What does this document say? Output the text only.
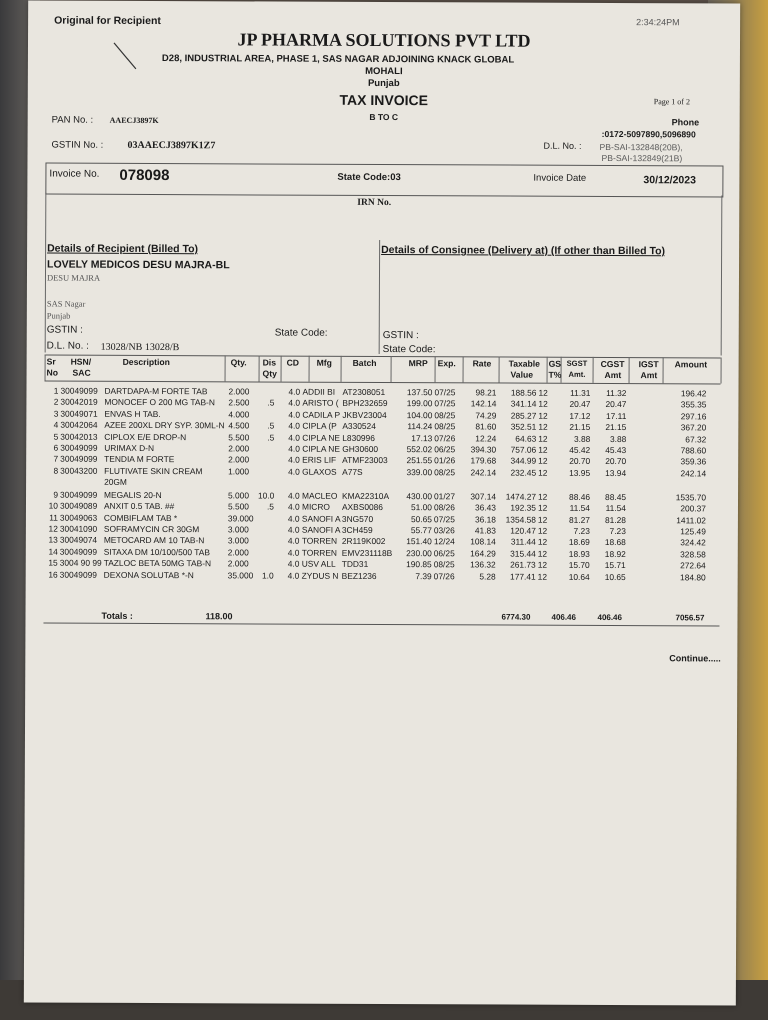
Original for Recipient	2:34:24PM
JP PHARMA SOLUTIONS PVT LTD
D28, INDUSTRIAL AREA, PHASE 1, SAS NAGAR ADJOINING KNACK GLOBAL
MOHALI
Punjab
TAX INVOICE
B TO C
Page 1 of 2
PAN No. : AAECJ3897K	Phone
:0172-5097890,5096890
GSTIN No. : 03AAECJ3897K1Z7	D.L. No. : PB-SAI-132848(20B),
PB-SAI-132849(21B)
Invoice No. 078098	State Code:03	Invoice Date	30/12/2023
IRN No.
Details of Recipient (Billed To)
LOVELY MEDICOS DESU MAJRA-BL
DESU MAJRA
SAS Nagar
Punjab
GSTIN :	State Code:
D.L. No. : 13028/NB 13028/B
Details of Consignee (Delivery at) (If other than Billed To)
GSTIN :
State Code:
Sr HSN/	Description	Qty. Dis CD Mfg Batch	MRP Exp. Rate Taxable GS SGST CGST IGST Amount
No SAC	Qty	Value T% Amt. Amt Amt
1 30049099 DARTDAPA-M FORTE TAB 2.000	4.0 ADDII BI AT2308051	137.50 07/25	98.21	188.56 12	11.31	11.32	196.42
2 30042019 MONOCEF O 200 MG TAB-N 2.500	.5 4.0 ARISTO ( BPH232659	199.00 07/25	142.14	341.14 12	20.47	20.47	355.35
3 30049071 ENVAS H TAB.	4.000	4.0 CADILA P JKBV23004	104.00 08/25	74.29	285.27 12	17.12	17.11	297.16
4 30042064 AZEE 200XL DRY SYP. 30ML-N 4.500	.5 4.0 CIPLA (P A330524	114.24 08/25	81.60	352.51 12	21.15	21.15	367.20
5 30042013 CIPLOX E/E DROP-N	5.500	.5 4.0 CIPLA NE L830996	17.13 07/26	12.24	64.63 12	3.88	3.88	67.32
6 30049099 URIMAX D-N	2.000	4.0 CIPLA NE GH30600	552.02 06/25	394.30	757.06 12	45.42	45.43	788.60
7 30049099 TENDIA M FORTE	2.000	4.0 ERIS LIF ATMF23003	251.55 01/26	179.68	344.99 12	20.70	20.70	359.36
8 30043200 FLUTIVATE SKIN CREAM	1.000	4.0 GLAXOS A77S	339.00 08/25	242.14	232.45 12	13.95	13.94	242.14
20GM
9 30049099 MEGALIS 20-N	5.000 10.0 4.0 MACLEO KMA22310A	430.00 01/27	307.14	1474.27 12	88.46	88.45	1535.70
10 30049089 ANXIT 0.5 TAB. ##	5.500	.5 4.0 MICRO AXBS0086	51.00 08/26	36.43	192.35 12	11.54	11.54	200.37
11 30049063 COMBIFLAM TAB *	39.000	4.0 SANOFI A 3NG570	50.65 07/25	36.18	1354.58 12	81.27	81.28	1411.02
12 30041090 SOFRAMYCIN CR 30GM	3.000	4.0 SANOFI A 3CH459	55.77 03/26	41.83	120.47 12	7.23	7.23	125.49
13 30049074 METOCARD AM 10 TAB-N	3.000	4.0 TORREN 2R119K002	151.40 12/24	108.14	311.44 12	18.69	18.68	324.42
14 30049099 SITAXA DM 10/100/500 TAB 2.000	4.0 TORREN EMV231118B	230.00 06/25	164.29	315.44 12	18.93	18.92	328.58
15 3004 90 99 TAZLOC BETA 50MG TAB-N 2.000	4.0 USV ALL TDD31	190.85 08/25	136.32	261.73 12	15.70	15.71	272.64
16 30049099 DEXONA SOLUTAB *-N	35.000	1.0 4.0 ZYDUS N BEZ1236	7.39 07/26	5.28	177.41 12	10.64	10.65	184.80
Totals :	118.00	6774.30	406.46	406.46	7056.57
Continue.....
